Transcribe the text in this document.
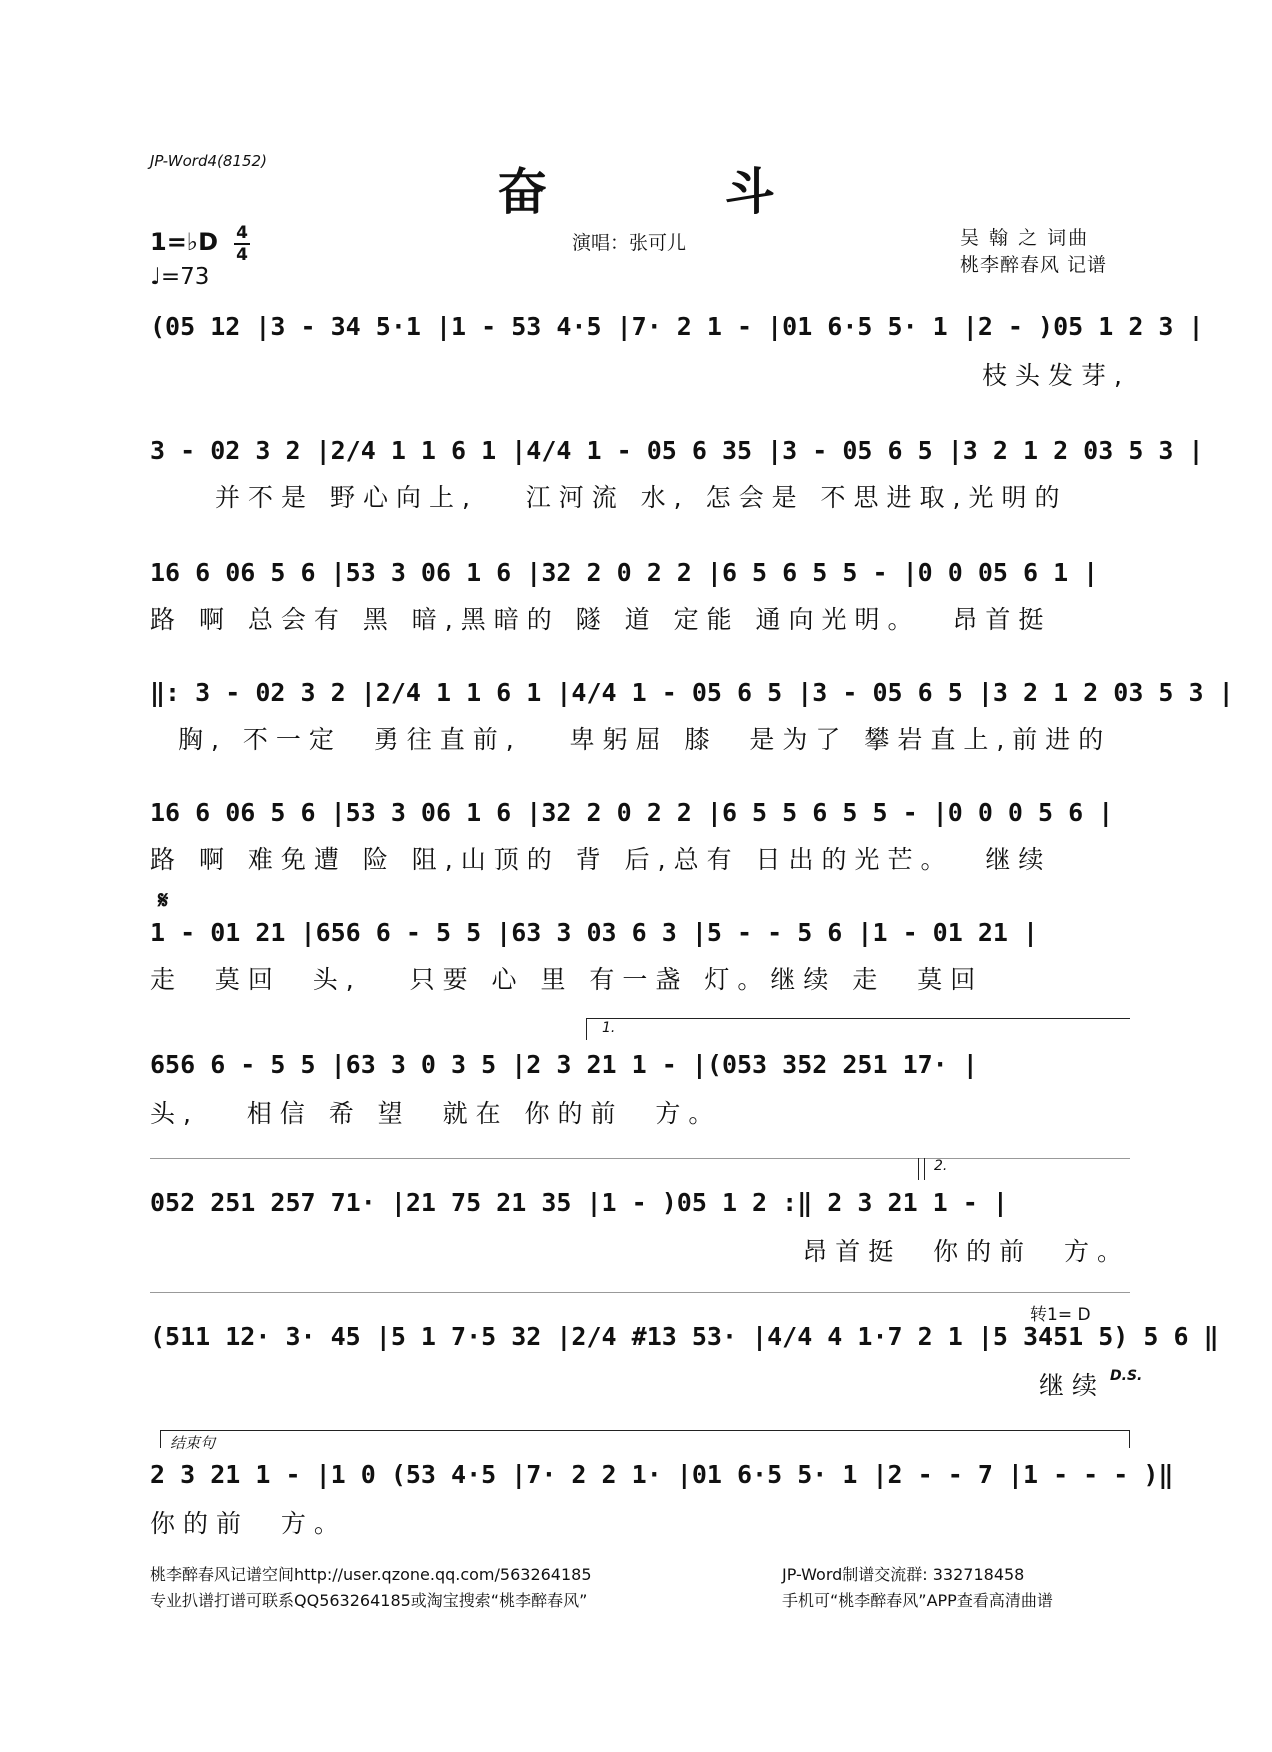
JP-Word4(8152)
奋 斗
1=♭D 4
4
♩=73
演唱：张可儿	吴 翰 之 词曲
桃李醉春风 记谱
(05 12 |3 - 34 5·1 |1 - 53 4·5 |7· 2 1 - |01 6·5 5· 1 |2 - )05 1 2 3 |
枝头发芽,
3 - 02 3 2 |2/4 1 1 6 1 |4/4 1 - 05 6 35 |3 - 05 6 5 |3 2 1 2 03 5 3 |
并不是 野心向上,   江河流 水, 怎会是 不思进取,光明的
16 6 06 5 6 |53 3 06 1 6 |32 2 0 2 2 |6 5 6 5 5 - |0 0 05 6 1 |
路 啊 总会有 黑 暗,黑暗的 隧 道 定能 通向光明。  昂首挺
‖: 3 - 02 3 2 |2/4 1 1 6 1 |4/4 1 - 05 6 5 |3 - 05 6 5 |3 2 1 2 03 5 3 |
胸, 不一定  勇往直前,   卑躬屈 膝  是为了 攀岩直上,前进的
16 6 06 5 6 |53 3 06 1 6 |32 2 0 2 2 |6 5 5 6 5 5 - |0 0 0 5 6 |
路 啊 难免遭 险 阻,山顶的 背 后,总有 日出的光芒。  继续
𝄋
1 - 01 21 |656 6 - 5 5 |63 3 03 6 3 |5 - - 5 6 |1 - 01 21 |
走  莫回  头,   只要 心 里 有一盏 灯。继续 走  莫回
1.
656 6 - 5 5 |63 3 0 3 5 |2 3 21 1 - |(053 352 251 17· |
头,   相信 希 望  就在 你的前  方。
2.
052 251 257 71· |21 75 21 35 |1 - )05 1 2 :‖ 2 3 21 1 - |
昂首挺  你的前  方。
转1= D
(511 12· 3· 45 |5 1 7·5 32 |2/4 #13 53· |4/4 4 1·7 2 1 |5 3451 5) 5 6 ‖
继续 D.S.
结束句
2 3 21 1 - |1 0 (53 4·5 |7· 2 2 1· |01 6·5 5· 1 |2 - - 7 |1 - - - )‖
你的前  方。
桃李醉春风记谱空间http://user.qzone.qq.com/563264185
专业扒谱打谱可联系QQ563264185或淘宝搜索“桃李醉春风”
JP-Word制谱交流群: 332718458
手机可“桃李醉春风”APP查看高清曲谱
